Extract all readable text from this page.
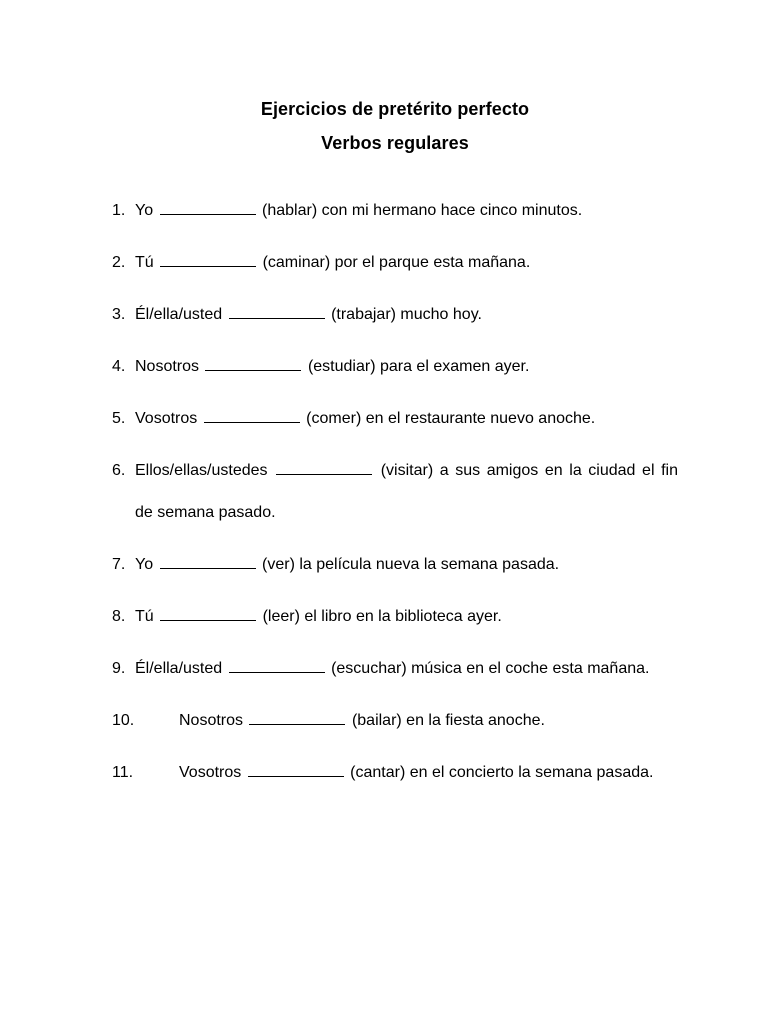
Ejercicios de pretérito perfecto
Verbos regulares
1. Yo	(hablar) con mi hermano hace cinco minutos.
2. Tú	(caminar) por el parque esta mañana.
3. Él/ella/usted	(trabajar) mucho hoy.
4. Nosotros	(estudiar) para el examen ayer.
5. Vosotros	(comer) en el restaurante nuevo anoche.
6. Ellos/ellas/ustedes	(visitar) a sus amigos en la ciudad el fin de semana pasado.
7. Yo	(ver) la película nueva la semana pasada.
8. Tú	(leer) el libro en la biblioteca ayer.
9. Él/ella/usted	(escuchar) música en el coche esta mañana.
10.	Nosotros	(bailar) en la fiesta anoche.
11.	Vosotros	(cantar) en el concierto la semana pasada.
